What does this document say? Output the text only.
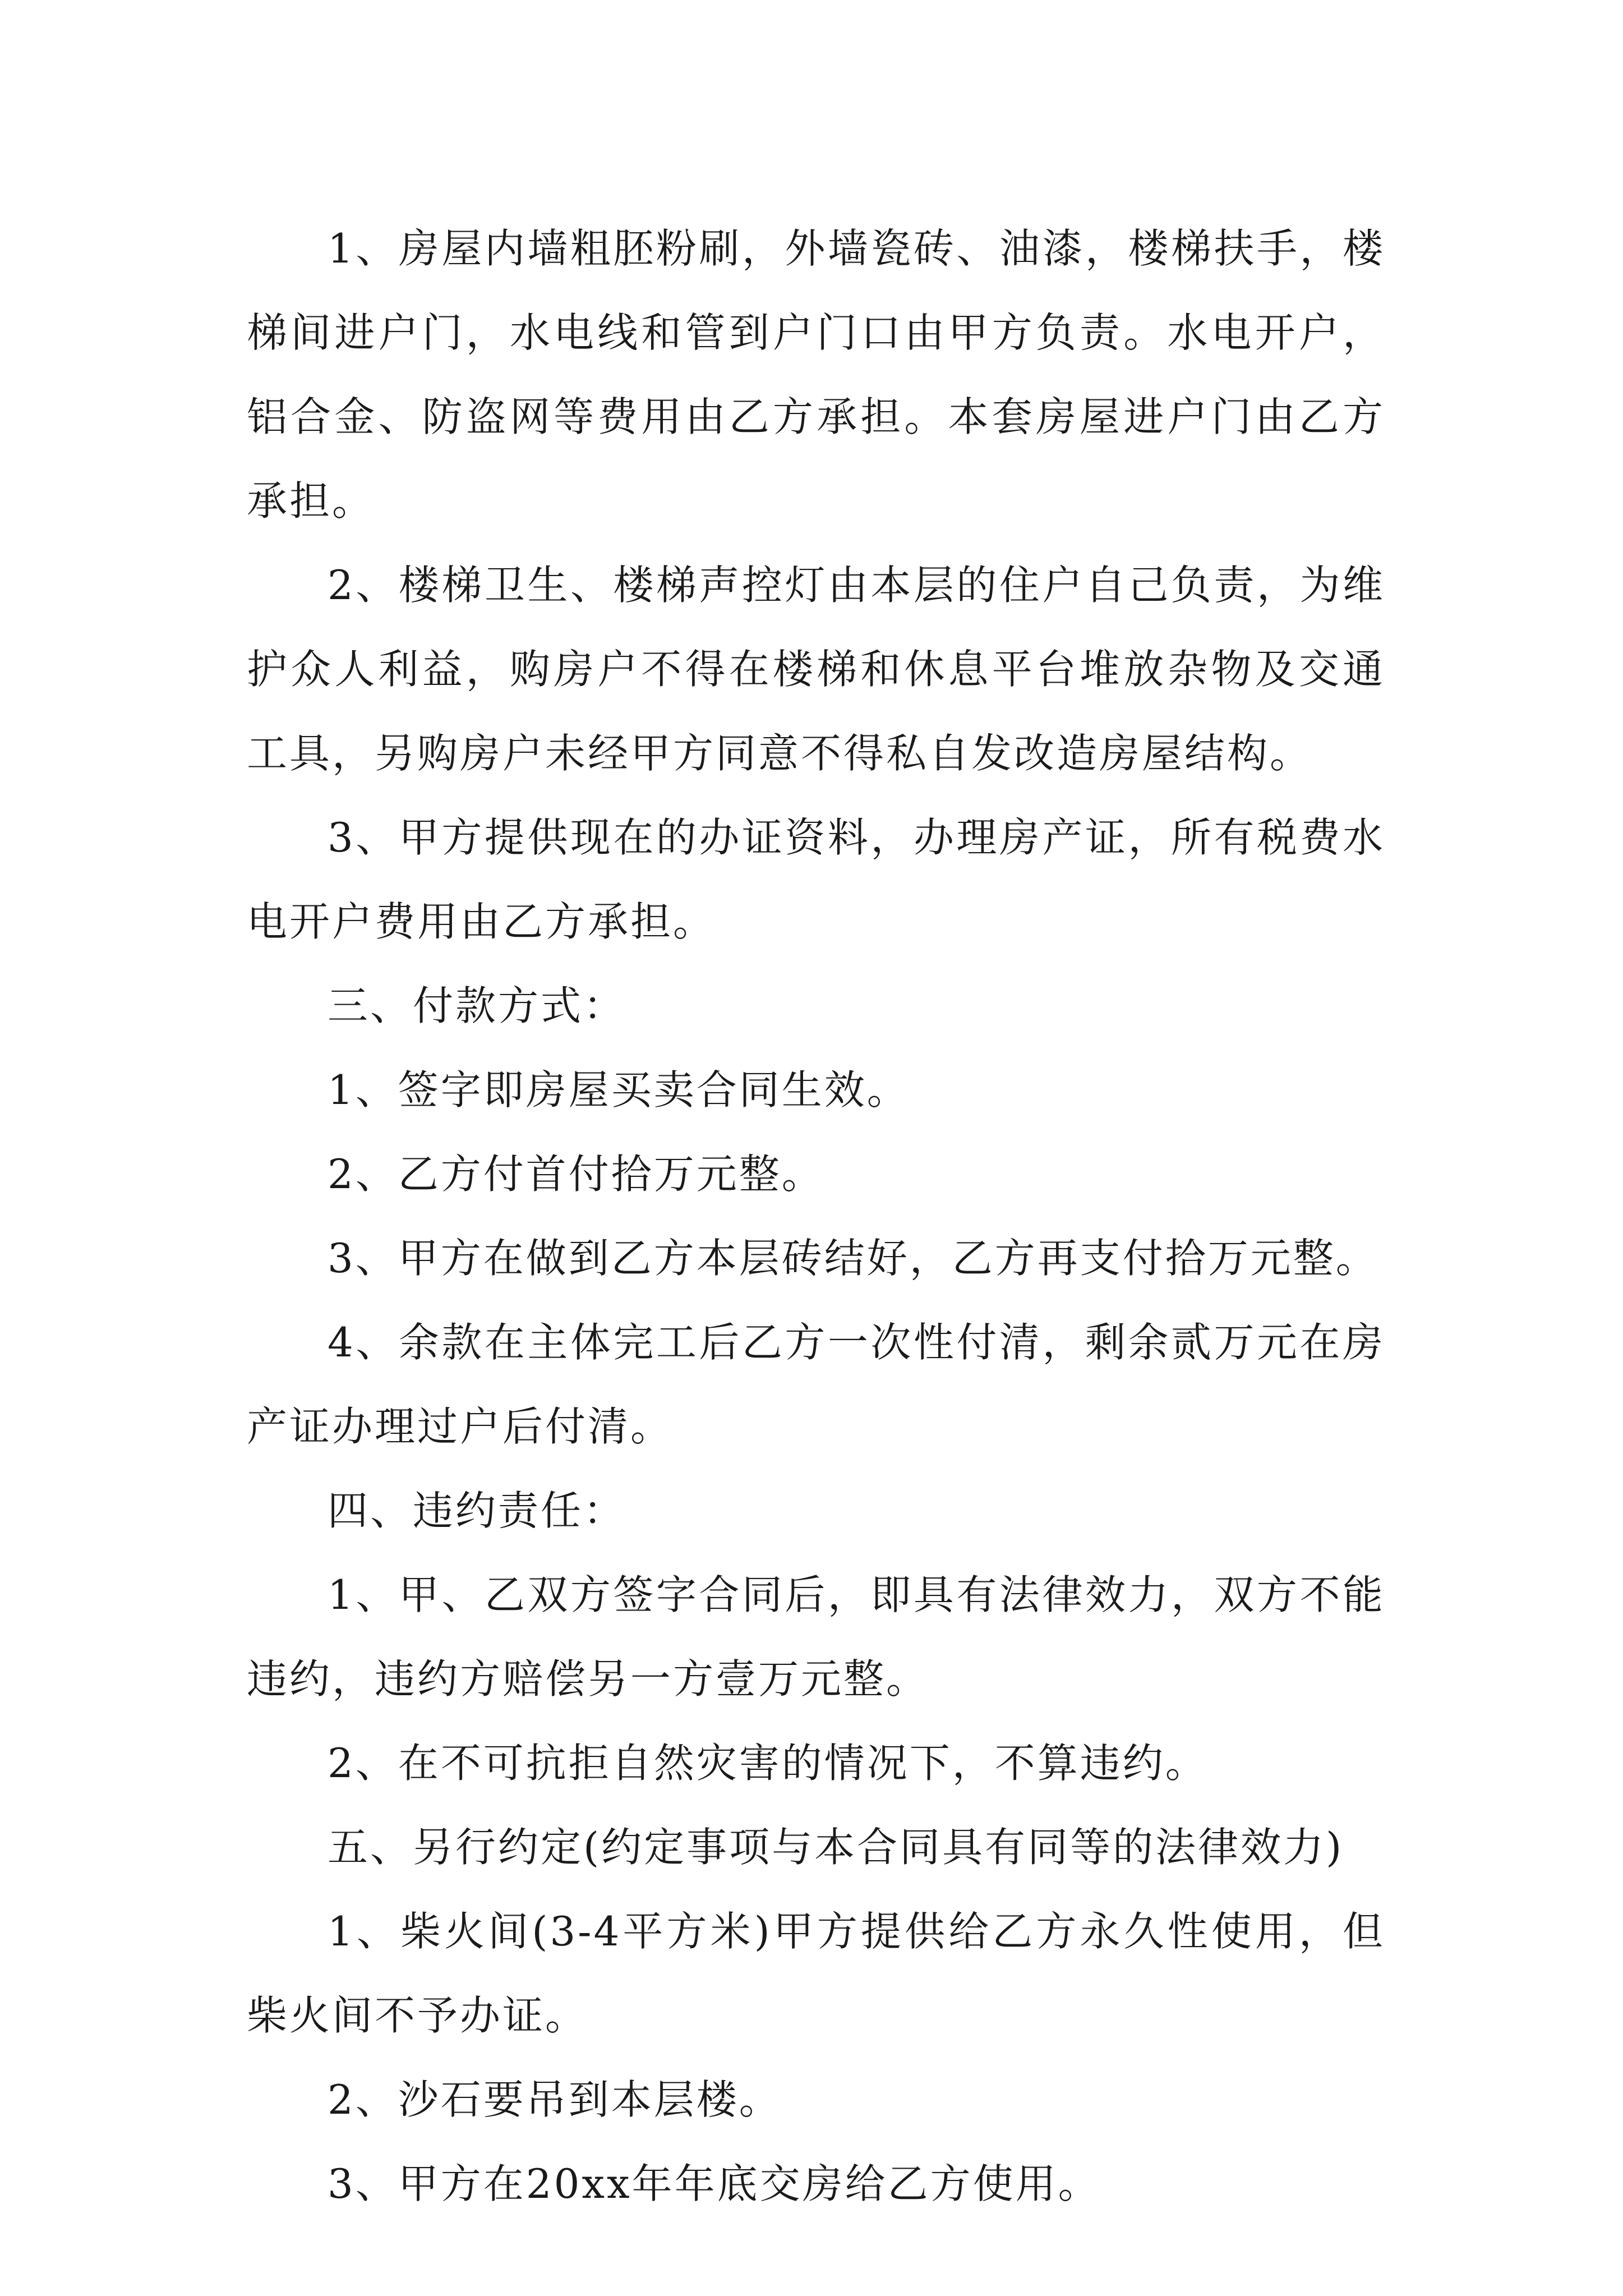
1、房屋内墙粗胚粉刷，外墙瓷砖、油漆，楼梯扶手，楼梯间进户门，水电线和管到户门口由甲方负责。水电开户，铝合金、防盗网等费用由乙方承担。本套房屋进户门由乙方承担。

2、楼梯卫生、楼梯声控灯由本层的住户自己负责，为维护众人利益，购房户不得在楼梯和休息平台堆放杂物及交通工具，另购房户未经甲方同意不得私自发改造房屋结构。

3、甲方提供现在的办证资料，办理房产证，所有税费水电开户费用由乙方承担。

三、付款方式：

1、签字即房屋买卖合同生效。

2、乙方付首付拾万元整。

3、甲方在做到乙方本层砖结好，乙方再支付拾万元整。

4、余款在主体完工后乙方一次性付清，剩余贰万元在房产证办理过户后付清。

四、违约责任：

1、甲、乙双方签字合同后，即具有法律效力，双方不能违约，违约方赔偿另一方壹万元整。

2、在不可抗拒自然灾害的情况下，不算违约。

五、另行约定(约定事项与本合同具有同等的法律效力)

1、柴火间(3-4平方米)甲方提供给乙方永久性使用，但柴火间不予办证。

2、沙石要吊到本层楼。

3、甲方在20xx年年底交房给乙方使用。
